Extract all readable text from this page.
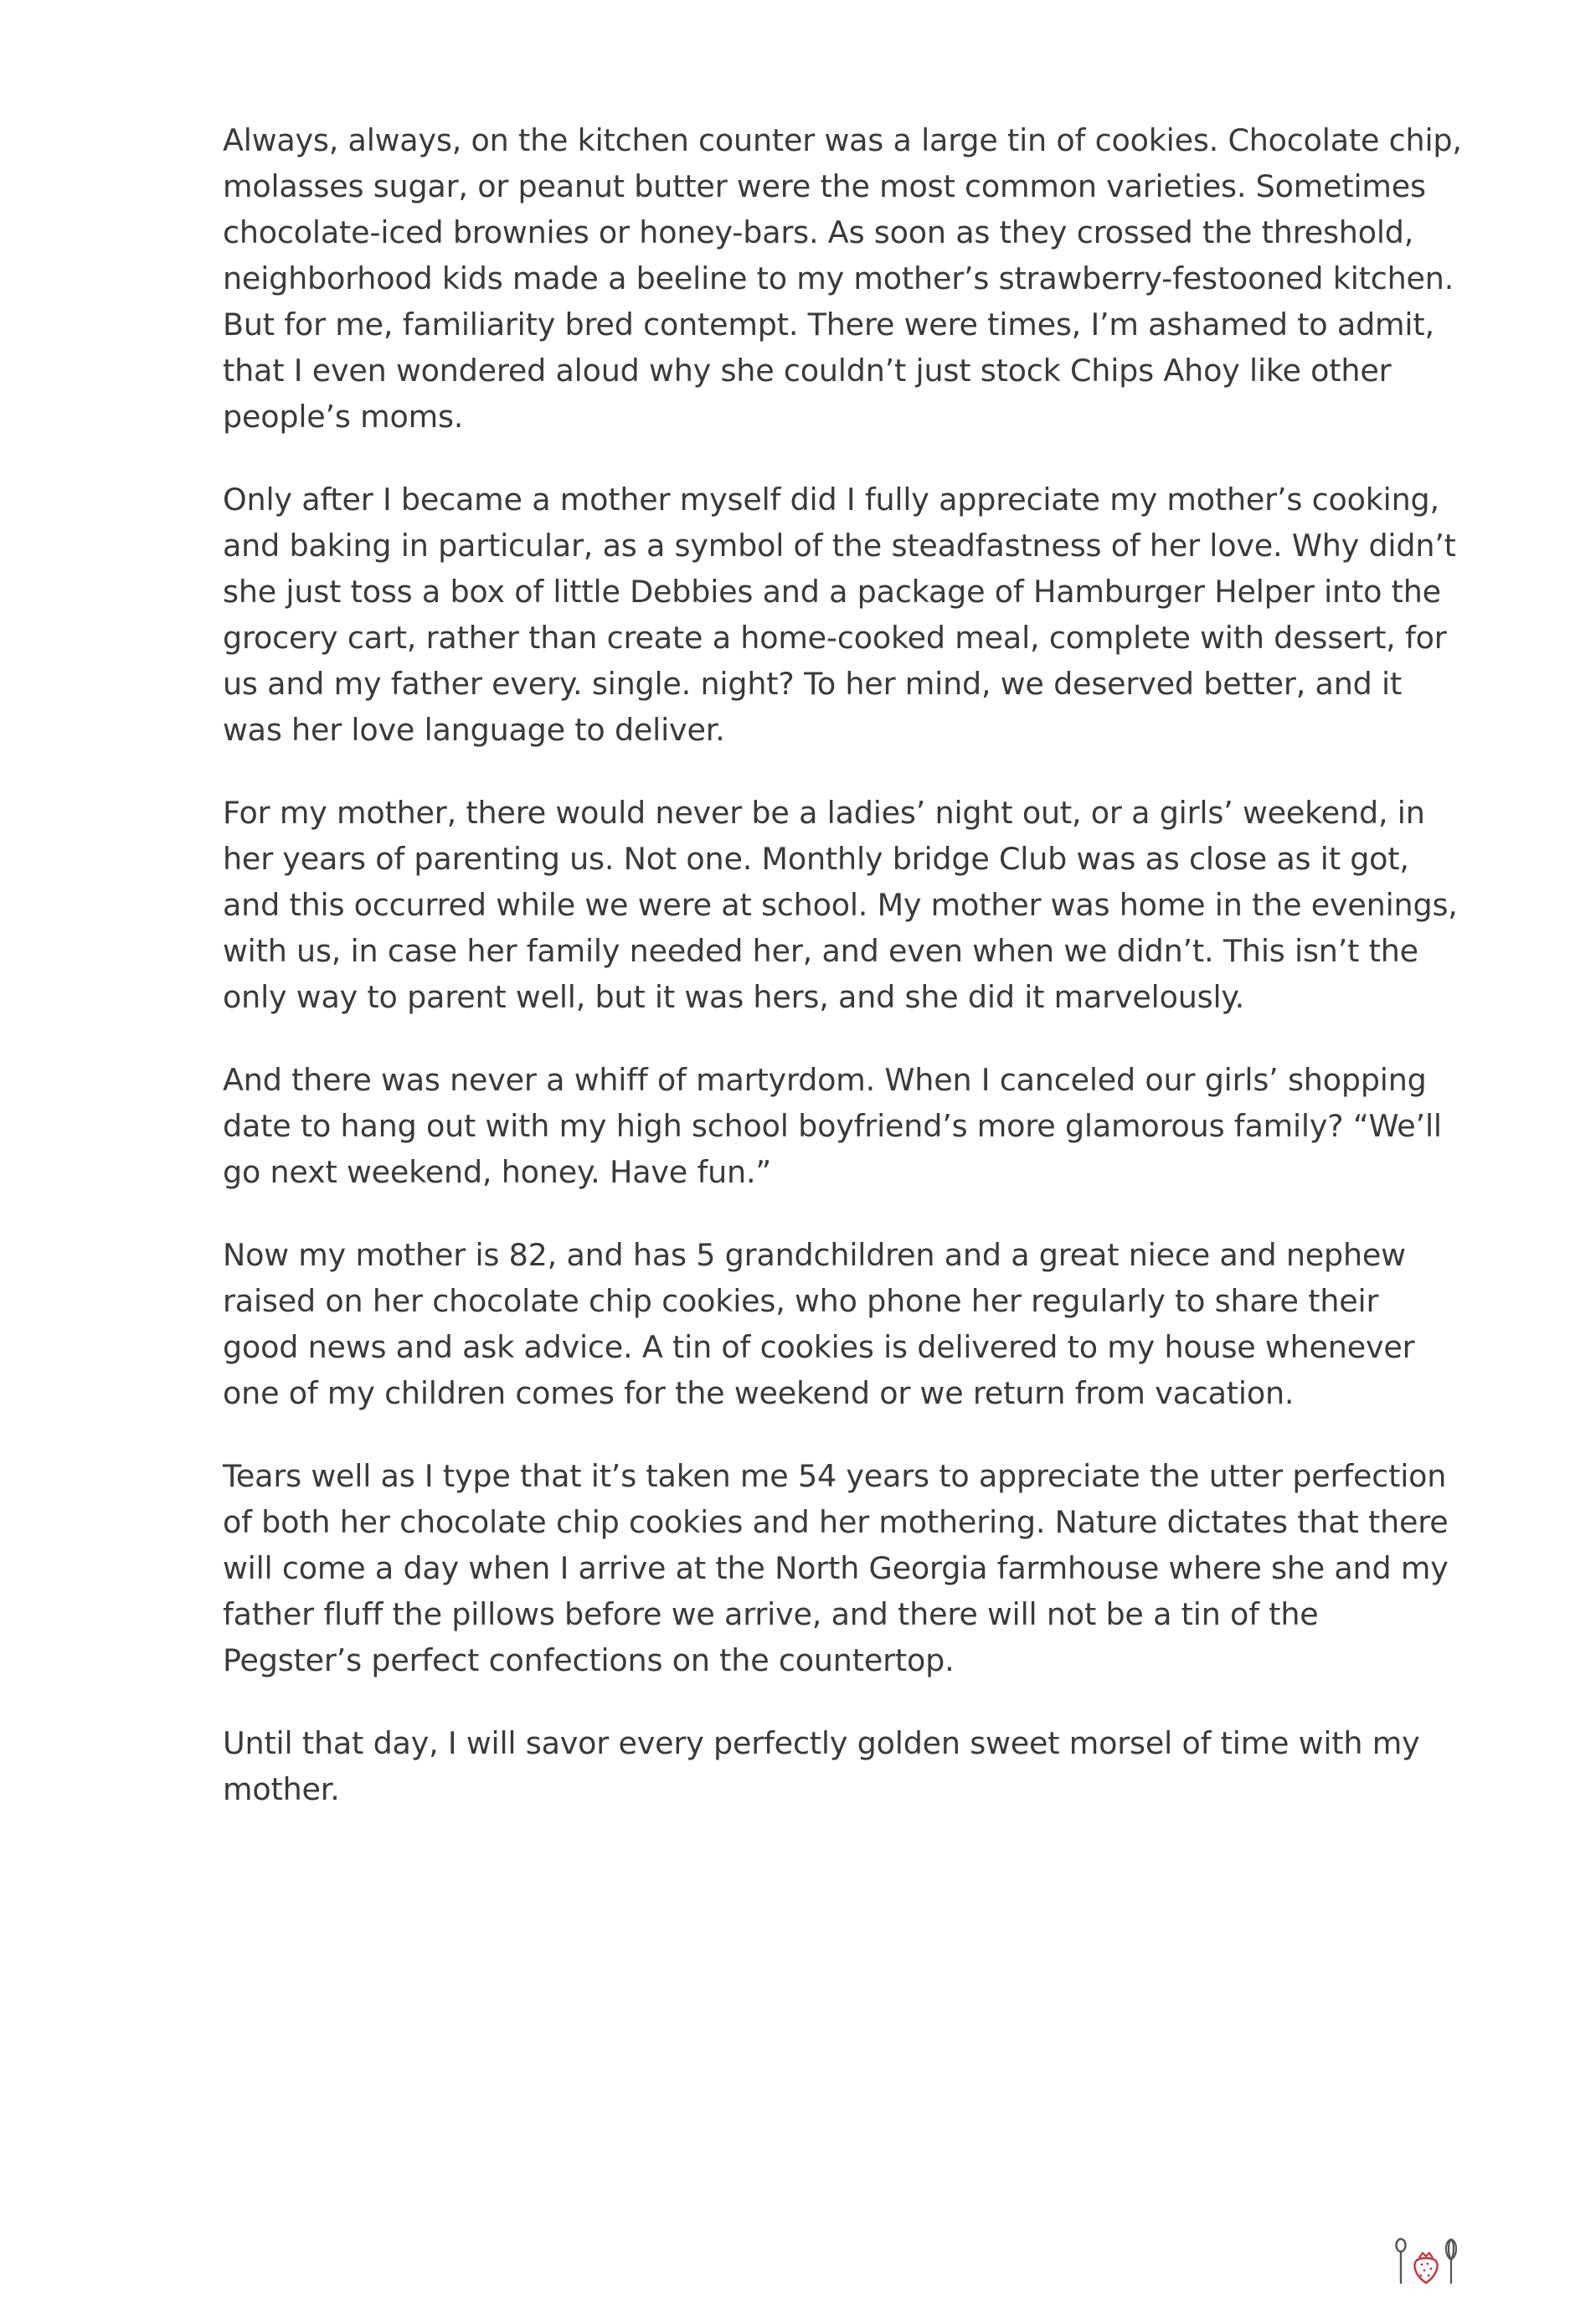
Always, always, on the kitchen counter was a large tin of cookies. Chocolate chip, molasses sugar, or peanut butter were the most common varieties. Sometimes chocolate-iced brownies or honey-bars. As soon as they crossed the threshold, neighborhood kids made a beeline to my mother’s strawberry-festooned kitchen. But for me, familiarity bred contempt. There were times, I’m ashamed to admit, that I even wondered aloud why she couldn’t just stock Chips Ahoy like other people’s moms.

Only after I became a mother myself did I fully appreciate my mother’s cooking, and baking in particular, as a symbol of the steadfastness of her love. Why didn’t she just toss a box of little Debbies and a package of Hamburger Helper into the grocery cart, rather than create a home-cooked meal, complete with dessert, for us and my father every. single. night? To her mind, we deserved better, and it was her love language to deliver.

For my mother, there would never be a ladies’ night out, or a girls’ weekend, in her years of parenting us. Not one. Monthly bridge Club was as close as it got, and this occurred while we were at school. My mother was home in the evenings, with us, in case her family needed her, and even when we didn’t. This isn’t the only way to parent well, but it was hers, and she did it marvelously.

And there was never a whiff of martyrdom. When I canceled our girls’ shopping date to hang out with my high school boyfriend’s more glamorous family? “We’ll go next weekend, honey. Have fun.”

Now my mother is 82, and has 5 grandchildren and a great niece and nephew raised on her chocolate chip cookies, who phone her regularly to share their good news and ask advice. A tin of cookies is delivered to my house whenever one of my children comes for the weekend or we return from vacation.

Tears well as I type that it’s taken me 54 years to appreciate the utter perfection of both her chocolate chip cookies and her mothering. Nature dictates that there will come a day when I arrive at the North Georgia farmhouse where she and my father fluff the pillows before we arrive, and there will not be a tin of the Pegster’s perfect confections on the countertop.

Until that day, I will savor every perfectly golden sweet morsel of time with my mother.
